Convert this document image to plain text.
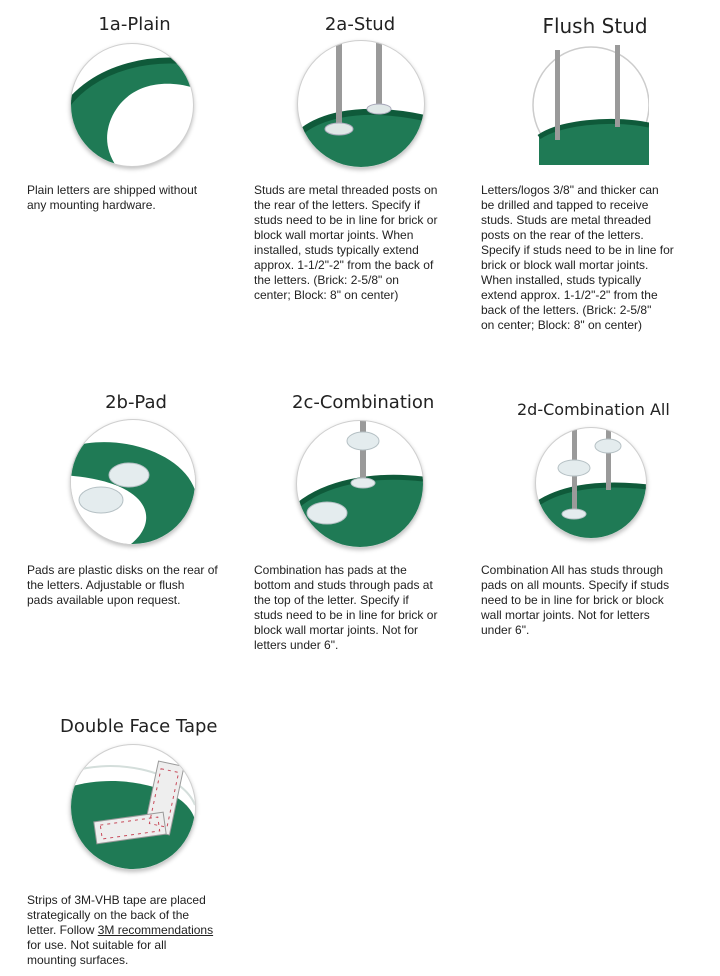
1a-Plain
Plain letters are shipped without
any mounting hardware.
2a-Stud
Studs are metal threaded posts on
the rear of the letters. Specify if
studs need to be in line for brick or
block wall mortar joints. When
installed, studs typically extend
approx. 1-1/2"-2" from the back of
the letters. (Brick: 2-5/8" on
center; Block: 8" on center)
Flush Stud
Letters/logos 3/8" and thicker can
be drilled and tapped to receive
studs. Studs are metal threaded
posts on the rear of the letters.
Specify if studs need to be in line for
brick or block wall mortar joints.
When installed, studs typically
extend approx. 1-1/2"-2" from the
back of the letters. (Brick: 2-5/8"
on center; Block: 8" on center)
2b-Pad
Pads are plastic disks on the rear of
the letters. Adjustable or flush
pads available upon request.
2c-Combination
Combination has pads at the
bottom and studs through pads at
the top of the letter. Specify if
studs need to be in line for brick or
block wall mortar joints. Not for
letters under 6".
2d-Combination All
Combination All has studs through
pads on all mounts. Specify if studs
need to be in line for brick or block
wall mortar joints. Not for letters
under 6".
Double Face Tape
Strips of 3M-VHB tape are placed
strategically on the back of the
letter. Follow 3M recommendations
for use. Not suitable for all
mounting surfaces.
